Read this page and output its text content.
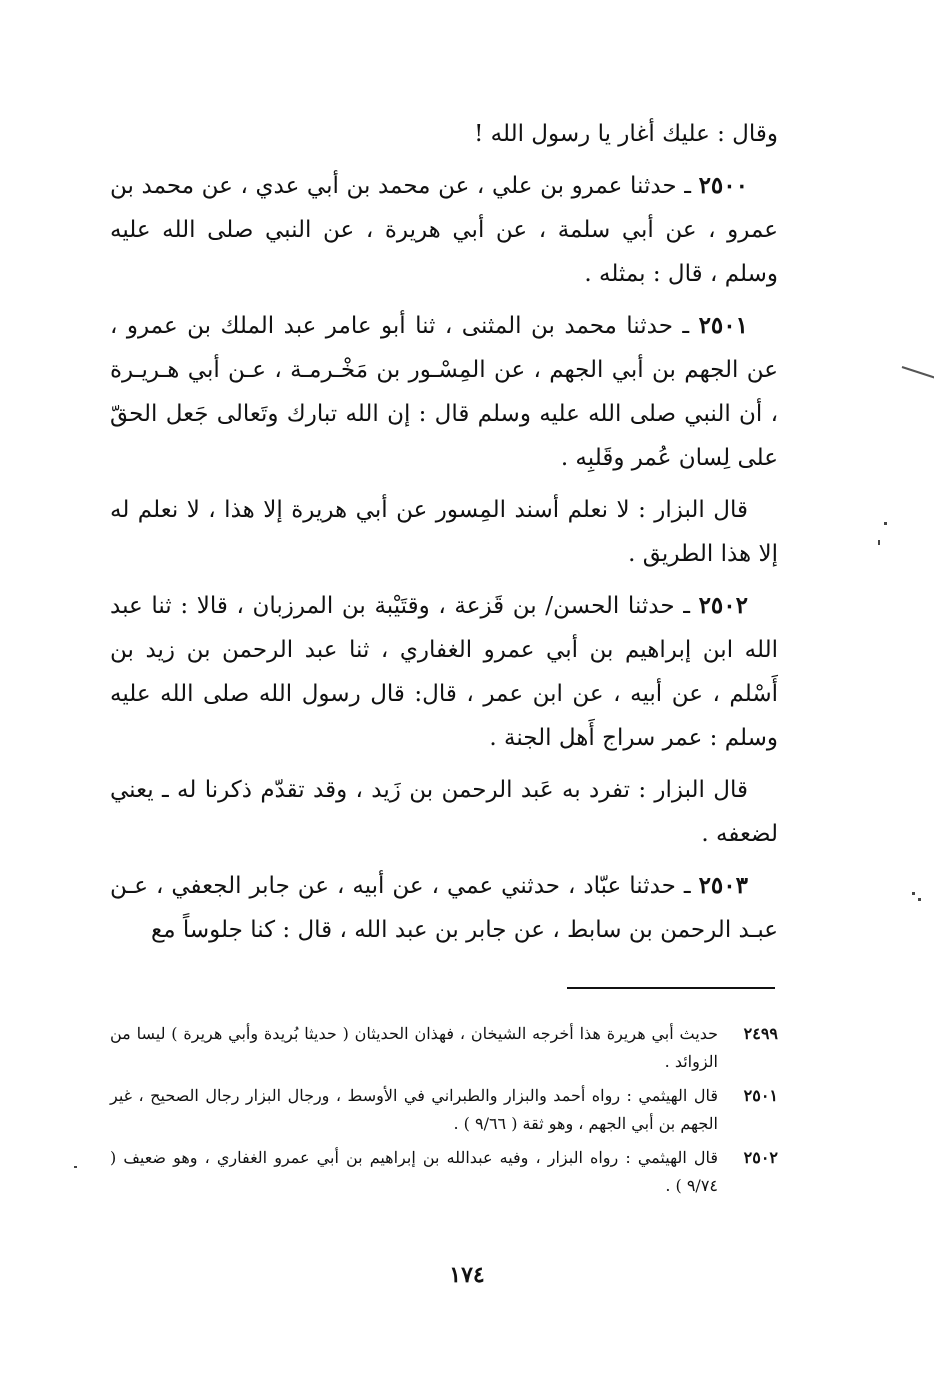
وقال : عليك أغار يا رسول الله !

٢٥٠٠ ـ حدثنا عمرو بن علي ، عن محمد بن أبي عدي ، عن محمد بن عمرو ، عن أبي سلمة ، عن أبي هريرة ، عن النبي صلى الله عليه وسلم ، قال : بمثله .

٢٥٠١ ـ حدثنا محمد بن المثنى ، ثنا أبو عامر عبد الملك بن عمرو ، عن الجهم بن أبي الجهم ، عن المِسْـور بن مَخْـرمـة ، عـن أبي هـريـرة ، أن النبي صلى الله عليه وسلم قال : إن الله تبارك وتَعالى جَعل الحقّ على لِسان عُمر وقَلبِه .

قال البزار : لا نعلم أسند المِسور عن أبي هريرة إلا هذا ، لا نعلم له إلا هذا الطريق .

٢٥٠٢ ـ حدثنا الحسن/ بن قَزعة ، وقتَيْبة بن المرزبان ، قالا : ثنا عبد الله ابن إبراهيم بن أبي عمرو الغفاري ، ثنا عبد الرحمن بن زيد بن أَسْلم ، عن أبيه ، عن ابن عمر ، قال: قال رسول الله صلى الله عليه وسلم : عمر سراج أَهل الجنة .

قال البزار : تفرد به عَبد الرحمن بن زَيد ، وقد تقدّم ذكرنا له ـ يعني لضعفه .

٢٥٠٣ ـ حدثنا عبّاد ، حدثني عمي ، عن أبيه ، عن جابر الجعفي ، عـن عبـد الرحمن بن سابط ، عن جابر بن عبد الله ، قال : كنا جلوساً مع

٢٤٩٩
حديث أبي هريرة هذا أخرجه الشيخان ، فهذان الحديثان ( حديثا بُريدة وأبي هريرة ) ليسا من الزوائد .
٢٥٠١
قال الهيثمي : رواه أحمد والبزار والطبراني في الأوسط ، ورجال البزار رجال الصحيح ، غير الجهم بن أبي الجهم ، وهو ثقة ( ٩/٦٦ ) .
٢٥٠٢
قال الهيثمي : رواه البزار ، وفيه عبدالله بن إبراهيم بن أبي عمرو الغفاري ، وهو ضعيف ( ٩/٧٤ ) .
١٧٤
